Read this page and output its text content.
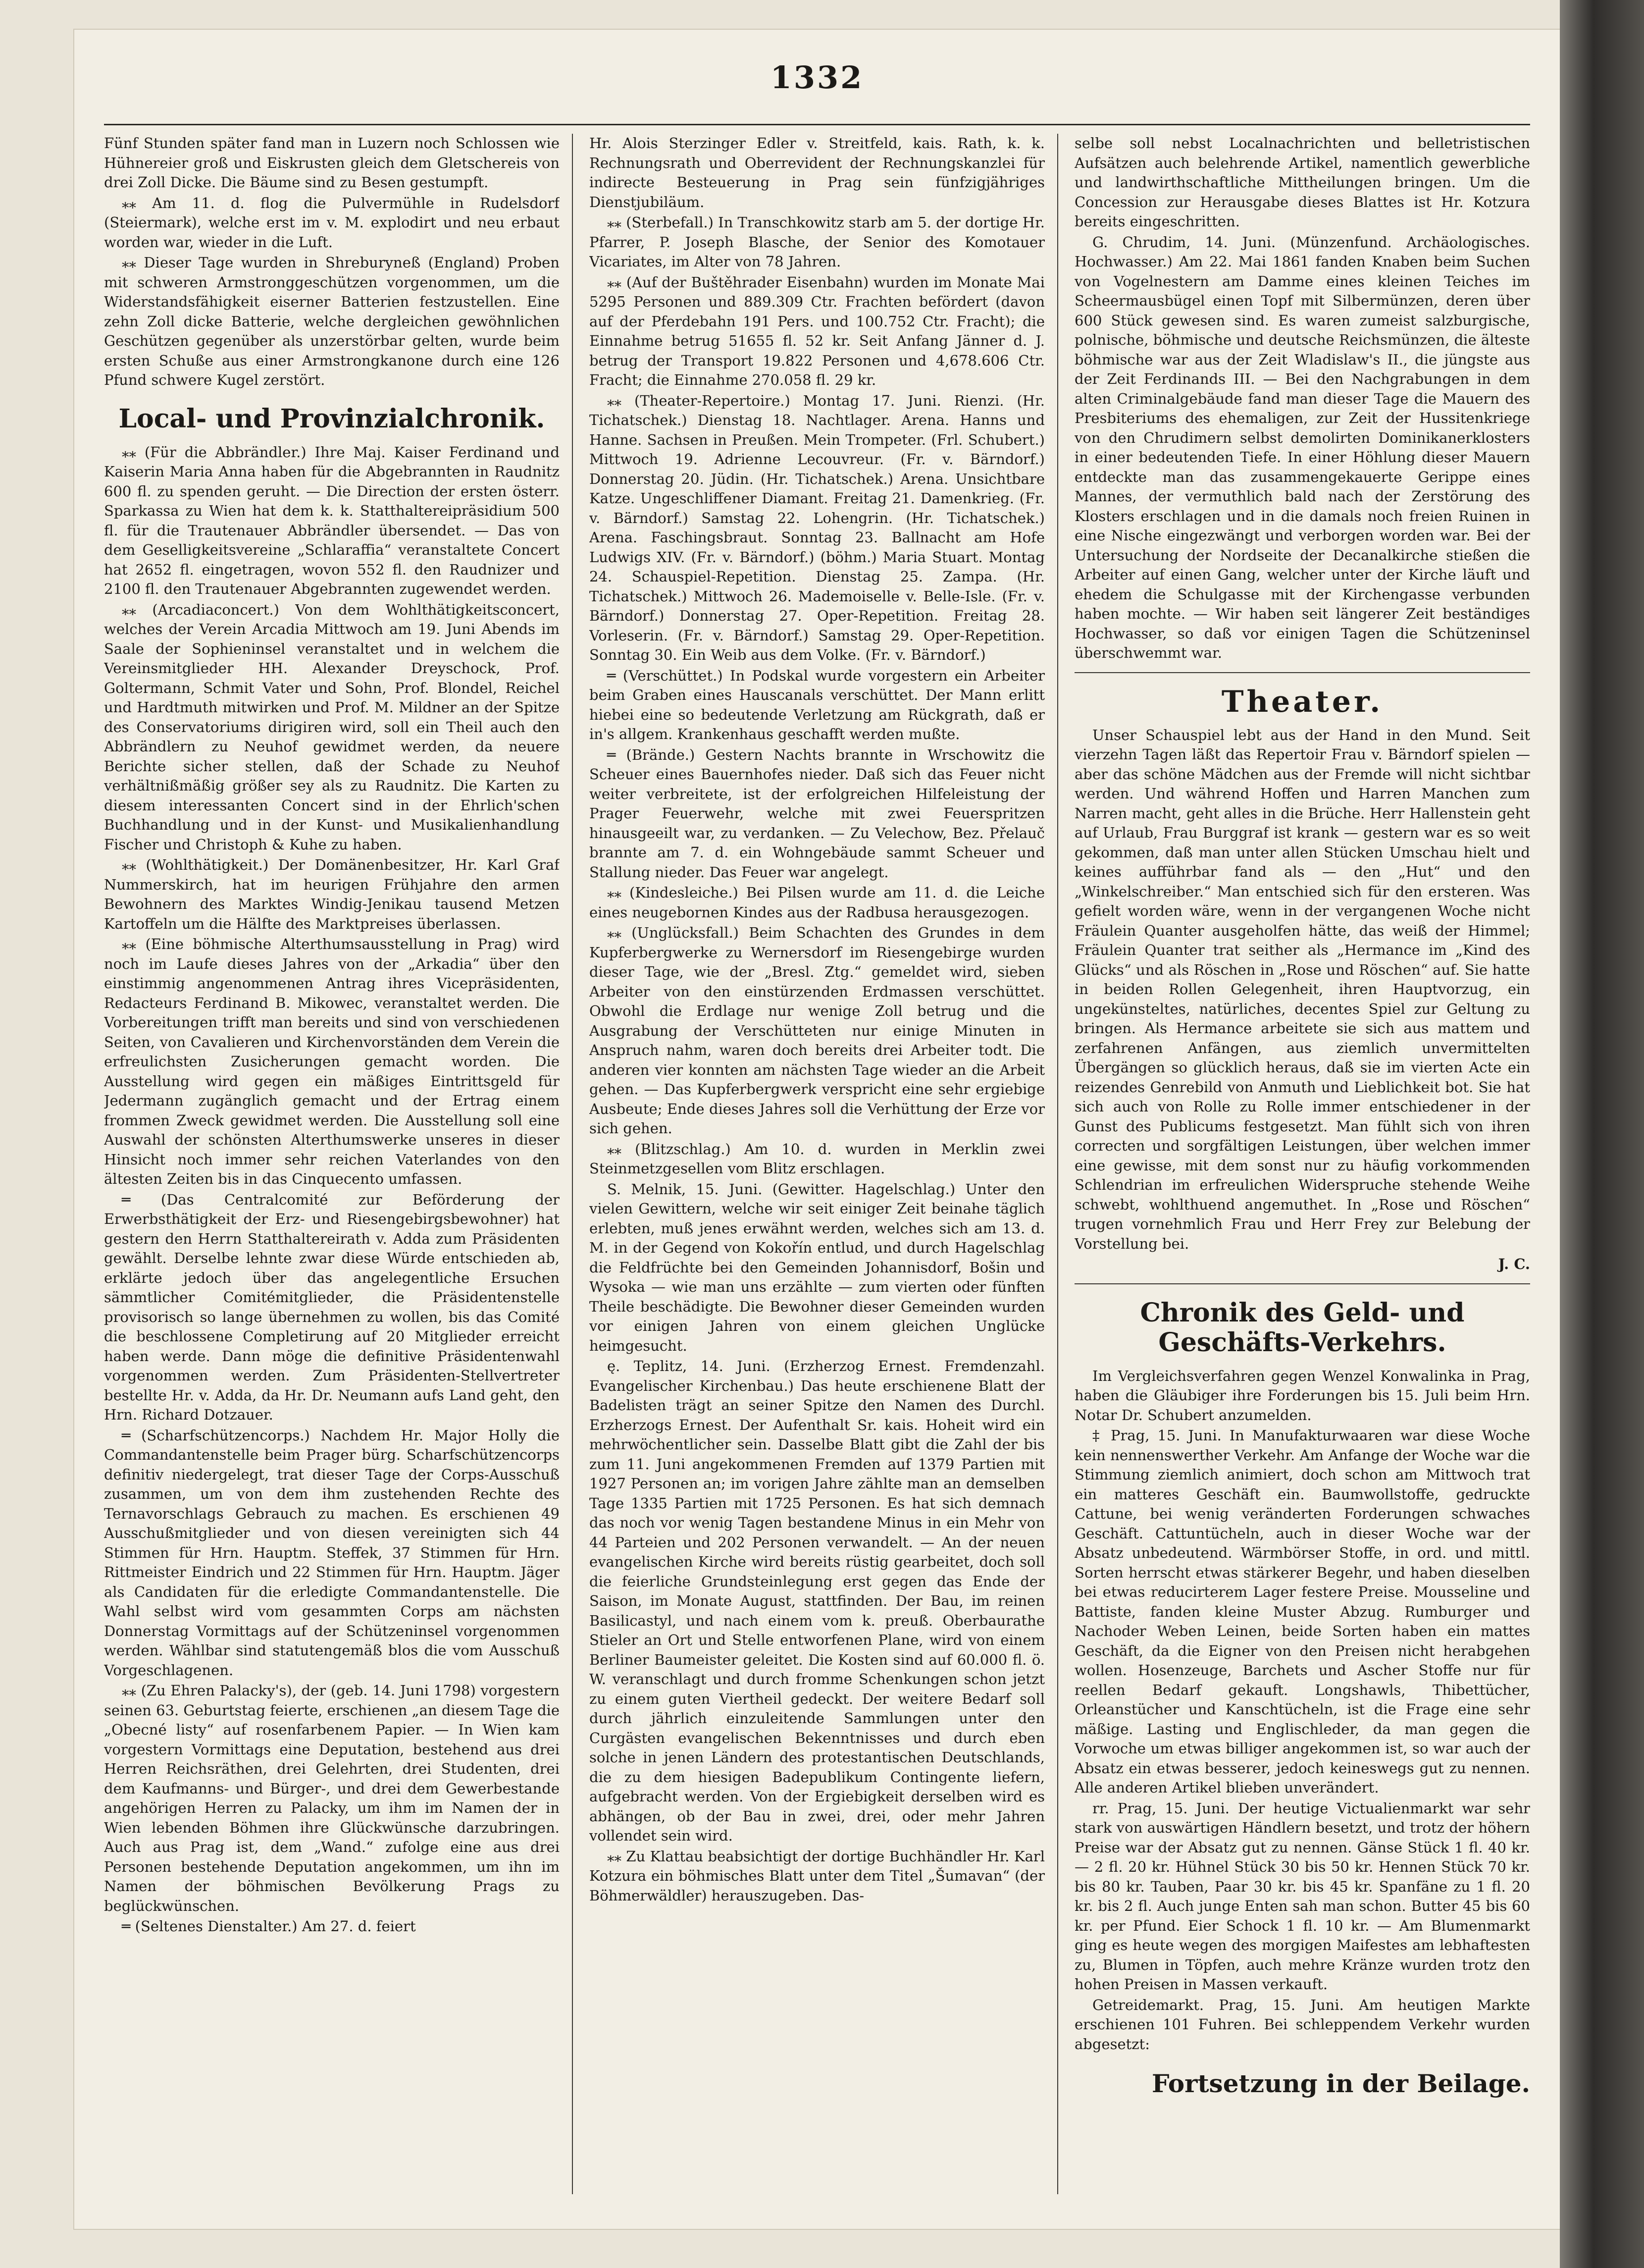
1332

Fünf Stunden später fand man in Luzern noch Schlossen wie Hühnereier groß und Eiskrusten gleich dem Gletschereis von drei Zoll Dicke. Die Bäume sind zu Besen gestumpft.

⁎⁎ Am 11. d. flog die Pulvermühle in Rudelsdorf (Steiermark), welche erst im v. M. explodirt und neu erbaut worden war, wieder in die Luft.

⁎⁎ Dieser Tage wurden in Shreburyneß (England) Proben mit schweren Armstronggeschützen vorgenommen, um die Widerstandsfähigkeit eiserner Batterien festzustellen. Eine zehn Zoll dicke Batterie, welche dergleichen gewöhnlichen Geschützen gegenüber als unzerstörbar gelten, wurde beim ersten Schuße aus einer Armstrongkanone durch eine 126 Pfund schwere Kugel zerstört.

Local- und Provinzialchronik.

⁎⁎ (Für die Abbrändler.) Ihre Maj. Kaiser Ferdinand und Kaiserin Maria Anna haben für die Abgebrannten in Raudnitz 600 fl. zu spenden geruht. — Die Direction der ersten österr. Sparkassa zu Wien hat dem k. k. Statthaltereipräsidium 500 fl. für die Trautenauer Abbrändler übersendet. — Das von dem Geselligkeitsvereine „Schlaraffia“ veranstaltete Concert hat 2652 fl. eingetragen, wovon 552 fl. den Raudnizer und 2100 fl. den Trautenauer Abgebrannten zugewendet werden.

⁎⁎ (Arcadiaconcert.) Von dem Wohlthätigkeitsconcert, welches der Verein Arcadia Mittwoch am 19. Juni Abends im Saale der Sophieninsel veranstaltet und in welchem die Vereinsmitglieder HH. Alexander Dreyschock, Prof. Goltermann, Schmit Vater und Sohn, Prof. Blondel, Reichel und Hardtmuth mitwirken und Prof. M. Mildner an der Spitze des Conservatoriums dirigiren wird, soll ein Theil auch den Abbrändlern zu Neuhof gewidmet werden, da neuere Berichte sicher stellen, daß der Schade zu Neuhof verhältnißmäßig größer sey als zu Raudnitz. Die Karten zu diesem interessanten Concert sind in der Ehrlich'schen Buchhandlung und in der Kunst- und Musikalienhandlung Fischer und Christoph & Kuhe zu haben.

⁎⁎ (Wohlthätigkeit.) Der Domänenbesitzer, Hr. Karl Graf Nummerskirch, hat im heurigen Frühjahre den armen Bewohnern des Marktes Windig-Jenikau tausend Metzen Kartoffeln um die Hälfte des Marktpreises überlassen.

⁎⁎ (Eine böhmische Alterthumsausstellung in Prag) wird noch im Laufe dieses Jahres von der „Arkadia“ über den einstimmig angenommenen Antrag ihres Vicepräsidenten, Redacteurs Ferdinand B. Mikowec, veranstaltet werden. Die Vorbereitungen trifft man bereits und sind von verschiedenen Seiten, von Cavalieren und Kirchenvorständen dem Verein die erfreulichsten Zusicherungen gemacht worden. Die Ausstellung wird gegen ein mäßiges Eintrittsgeld für Jedermann zugänglich gemacht und der Ertrag einem frommen Zweck gewidmet werden. Die Ausstellung soll eine Auswahl der schönsten Alterthumswerke unseres in dieser Hinsicht noch immer sehr reichen Vaterlandes von den ältesten Zeiten bis in das Cinquecento umfassen.

═ (Das Centralcomité zur Beförderung der Erwerbsthätigkeit der Erz- und Riesengebirgsbewohner) hat gestern den Herrn Statthaltereirath v. Adda zum Präsidenten gewählt. Derselbe lehnte zwar diese Würde entschieden ab, erklärte jedoch über das angelegentliche Ersuchen sämmtlicher Comitémitglieder, die Präsidentenstelle provisorisch so lange übernehmen zu wollen, bis das Comité die beschlossene Completirung auf 20 Mitglieder erreicht haben werde. Dann möge die definitive Präsidentenwahl vorgenommen werden. Zum Präsidenten-Stellvertreter bestellte Hr. v. Adda, da Hr. Dr. Neumann aufs Land geht, den Hrn. Richard Dotzauer.

═ (Scharfschützencorps.) Nachdem Hr. Major Holly die Commandantenstelle beim Prager bürg. Scharfschützencorps definitiv niedergelegt, trat dieser Tage der Corps-Ausschuß zusammen, um von dem ihm zustehenden Rechte des Ternavorschlags Gebrauch zu machen. Es erschienen 49 Ausschußmitglieder und von diesen vereinigten sich 44 Stimmen für Hrn. Hauptm. Steffek, 37 Stimmen für Hrn. Rittmeister Eindrich und 22 Stimmen für Hrn. Hauptm. Jäger als Candidaten für die erledigte Commandantenstelle. Die Wahl selbst wird vom gesammten Corps am nächsten Donnerstag Vormittags auf der Schützeninsel vorgenommen werden. Wählbar sind statutengemäß blos die vom Ausschuß Vorgeschlagenen.

⁎⁎ (Zu Ehren Palacky's), der (geb. 14. Juni 1798) vorgestern seinen 63. Geburtstag feierte, erschienen „an diesem Tage die „Obecné listy“ auf rosenfarbenem Papier. — In Wien kam vorgestern Vormittags eine Deputation, bestehend aus drei Herren Reichsräthen, drei Gelehrten, drei Studenten, drei dem Kaufmanns- und Bürger-, und drei dem Gewerbestande angehörigen Herren zu Palacky, um ihm im Namen der in Wien lebenden Böhmen ihre Glückwünsche darzubringen. Auch aus Prag ist, dem „Wand.“ zufolge eine aus drei Personen bestehende Deputation angekommen, um ihn im Namen der böhmischen Bevölkerung Prags zu beglückwünschen.

═ (Seltenes Dienstalter.) Am 27. d. feiert

Hr. Alois Sterzinger Edler v. Streitfeld, kais. Rath, k. k. Rechnungsrath und Oberrevident der Rechnungskanzlei für indirecte Besteuerung in Prag sein fünfzigjähriges Dienstjubiläum.

⁎⁎ (Sterbefall.) In Transchkowitz starb am 5. der dortige Hr. Pfarrer, P. Joseph Blasche, der Senior des Komotauer Vicariates, im Alter von 78 Jahren.

⁎⁎ (Auf der Buštěhrader Eisenbahn) wurden im Monate Mai 5295 Personen und 889.309 Ctr. Frachten befördert (davon auf der Pferdebahn 191 Pers. und 100.752 Ctr. Fracht); die Einnahme betrug 51655 fl. 52 kr. Seit Anfang Jänner d. J. betrug der Transport 19.822 Personen und 4,678.606 Ctr. Fracht; die Einnahme 270.058 fl. 29 kr.

⁎⁎ (Theater-Repertoire.) Montag 17. Juni. Rienzi. (Hr. Tichatschek.) Dienstag 18. Nachtlager. Arena. Hanns und Hanne. Sachsen in Preußen. Mein Trompeter. (Frl. Schubert.) Mittwoch 19. Adrienne Lecouvreur. (Fr. v. Bärndorf.) Donnerstag 20. Jüdin. (Hr. Tichatschek.) Arena. Unsichtbare Katze. Ungeschliffener Diamant. Freitag 21. Damenkrieg. (Fr. v. Bärndorf.) Samstag 22. Lohengrin. (Hr. Tichatschek.) Arena. Faschingsbraut. Sonntag 23. Ballnacht am Hofe Ludwigs XIV. (Fr. v. Bärndorf.) (böhm.) Maria Stuart. Montag 24. Schauspiel-Repetition. Dienstag 25. Zampa. (Hr. Tichatschek.) Mittwoch 26. Mademoiselle v. Belle-Isle. (Fr. v. Bärndorf.) Donnerstag 27. Oper-Repetition. Freitag 28. Vorleserin. (Fr. v. Bärndorf.) Samstag 29. Oper-Repetition. Sonntag 30. Ein Weib aus dem Volke. (Fr. v. Bärndorf.)

═ (Verschüttet.) In Podskal wurde vorgestern ein Arbeiter beim Graben eines Hauscanals verschüttet. Der Mann erlitt hiebei eine so bedeutende Verletzung am Rückgrath, daß er in's allgem. Krankenhaus geschafft werden mußte.

═ (Brände.) Gestern Nachts brannte in Wrschowitz die Scheuer eines Bauernhofes nieder. Daß sich das Feuer nicht weiter verbreitete, ist der erfolgreichen Hilfeleistung der Prager Feuerwehr, welche mit zwei Feuerspritzen hinausgeeilt war, zu verdanken. — Zu Velechow, Bez. Přelauč brannte am 7. d. ein Wohngebäude sammt Scheuer und Stallung nieder. Das Feuer war angelegt.

⁎⁎ (Kindesleiche.) Bei Pilsen wurde am 11. d. die Leiche eines neugebornen Kindes aus der Radbusa herausgezogen.

⁎⁎ (Unglücksfall.) Beim Schachten des Grundes in dem Kupferbergwerke zu Wernersdorf im Riesengebirge wurden dieser Tage, wie der „Bresl. Ztg.“ gemeldet wird, sieben Arbeiter von den einstürzenden Erdmassen verschüttet. Obwohl die Erdlage nur wenige Zoll betrug und die Ausgrabung der Verschütteten nur einige Minuten in Anspruch nahm, waren doch bereits drei Arbeiter todt. Die anderen vier konnten am nächsten Tage wieder an die Arbeit gehen. — Das Kupferbergwerk verspricht eine sehr ergiebige Ausbeute; Ende dieses Jahres soll die Verhüttung der Erze vor sich gehen.

⁎⁎ (Blitzschlag.) Am 10. d. wurden in Merklin zwei Steinmetzgesellen vom Blitz erschlagen.

S. Melnik, 15. Juni. (Gewitter. Hagelschlag.) Unter den vielen Gewittern, welche wir seit einiger Zeit beinahe täglich erlebten, muß jenes erwähnt werden, welches sich am 13. d. M. in der Gegend von Kokořín entlud, und durch Hagelschlag die Feldfrüchte bei den Gemeinden Johannisdorf, Bošin und Wysoka — wie man uns erzählte — zum vierten oder fünften Theile beschädigte. Die Bewohner dieser Gemeinden wurden vor einigen Jahren von einem gleichen Unglücke heimgesucht.

ę. Teplitz, 14. Juni. (Erzherzog Ernest. Fremdenzahl. Evangelischer Kirchenbau.) Das heute erschienene Blatt der Badelisten trägt an seiner Spitze den Namen des Durchl. Erzherzogs Ernest. Der Aufenthalt Sr. kais. Hoheit wird ein mehrwöchentlicher sein. Dasselbe Blatt gibt die Zahl der bis zum 11. Juni angekommenen Fremden auf 1379 Partien mit 1927 Personen an; im vorigen Jahre zählte man an demselben Tage 1335 Partien mit 1725 Personen. Es hat sich demnach das noch vor wenig Tagen bestandene Minus in ein Mehr von 44 Parteien und 202 Personen verwandelt. — An der neuen evangelischen Kirche wird bereits rüstig gearbeitet, doch soll die feierliche Grundsteinlegung erst gegen das Ende der Saison, im Monate August, stattfinden. Der Bau, im reinen Basilicastyl, und nach einem vom k. preuß. Oberbaurathe Stieler an Ort und Stelle entworfenen Plane, wird von einem Berliner Baumeister geleitet. Die Kosten sind auf 60.000 fl. ö. W. veranschlagt und durch fromme Schenkungen schon jetzt zu einem guten Viertheil gedeckt. Der weitere Bedarf soll durch jährlich einzuleitende Sammlungen unter den Curgästen evangelischen Bekenntnisses und durch eben solche in jenen Ländern des protestantischen Deutschlands, die zu dem hiesigen Badepublikum Contingente liefern, aufgebracht werden. Von der Ergiebigkeit derselben wird es abhängen, ob der Bau in zwei, drei, oder mehr Jahren vollendet sein wird.

⁎⁎ Zu Klattau beabsichtigt der dortige Buchhändler Hr. Karl Kotzura ein böhmisches Blatt unter dem Titel „Šumavan“ (der Böhmerwäldler) herauszugeben. Das-

selbe soll nebst Localnachrichten und belletristischen Aufsätzen auch belehrende Artikel, namentlich gewerbliche und landwirthschaftliche Mittheilungen bringen. Um die Concession zur Herausgabe dieses Blattes ist Hr. Kotzura bereits eingeschritten.

G. Chrudim, 14. Juni. (Münzenfund. Archäologisches. Hochwasser.) Am 22. Mai 1861 fanden Knaben beim Suchen von Vogelnestern am Damme eines kleinen Teiches im Scheermausbügel einen Topf mit Silbermünzen, deren über 600 Stück gewesen sind. Es waren zumeist salzburgische, polnische, böhmische und deutsche Reichsmünzen, die älteste böhmische war aus der Zeit Wladislaw's II., die jüngste aus der Zeit Ferdinands III. — Bei den Nachgrabungen in dem alten Criminalgebäude fand man dieser Tage die Mauern des Presbiteriums des ehemaligen, zur Zeit der Hussitenkriege von den Chrudimern selbst demolirten Dominikanerklosters in einer bedeutenden Tiefe. In einer Höhlung dieser Mauern entdeckte man das zusammengekauerte Gerippe eines Mannes, der vermuthlich bald nach der Zerstörung des Klosters erschlagen und in die damals noch freien Ruinen in eine Nische eingezwängt und verborgen worden war. Bei der Untersuchung der Nordseite der Decanalkirche stießen die Arbeiter auf einen Gang, welcher unter der Kirche läuft und ehedem die Schulgasse mit der Kirchengasse verbunden haben mochte. — Wir haben seit längerer Zeit beständiges Hochwasser, so daß vor einigen Tagen die Schützeninsel überschwemmt war.

Theater.

Unser Schauspiel lebt aus der Hand in den Mund. Seit vierzehn Tagen läßt das Repertoir Frau v. Bärndorf spielen — aber das schöne Mädchen aus der Fremde will nicht sichtbar werden. Und während Hoffen und Harren Manchen zum Narren macht, geht alles in die Brüche. Herr Hallenstein geht auf Urlaub, Frau Burggraf ist krank — gestern war es so weit gekommen, daß man unter allen Stücken Umschau hielt und keines aufführbar fand als — den „Hut“ und den „Winkelschreiber.“ Man entschied sich für den ersteren. Was gefielt worden wäre, wenn in der vergangenen Woche nicht Fräulein Quanter ausgeholfen hätte, das weiß der Himmel; Fräulein Quanter trat seither als „Hermance im „Kind des Glücks“ und als Röschen in „Rose und Röschen“ auf. Sie hatte in beiden Rollen Gelegenheit, ihren Hauptvorzug, ein ungekünsteltes, natürliches, decentes Spiel zur Geltung zu bringen. Als Hermance arbeitete sie sich aus mattem und zerfahrenen Anfängen, aus ziemlich unvermittelten Übergängen so glücklich heraus, daß sie im vierten Acte ein reizendes Genrebild von Anmuth und Lieblichkeit bot. Sie hat sich auch von Rolle zu Rolle immer entschiedener in der Gunst des Publicums festgesetzt. Man fühlt sich von ihren correcten und sorgfältigen Leistungen, über welchen immer eine gewisse, mit dem sonst nur zu häufig vorkommenden Schlendrian im erfreulichen Widerspruche stehende Weihe schwebt, wohlthuend angemuthet. In „Rose und Röschen“ trugen vornehmlich Frau und Herr Frey zur Belebung der Vorstellung bei.

J. C.
Chronik des Geld- und Geschäfts-Verkehrs.

Im Vergleichsverfahren gegen Wenzel Konwalinka in Prag, haben die Gläubiger ihre Forderungen bis 15. Juli beim Hrn. Notar Dr. Schubert anzumelden.

‡ Prag, 15. Juni. In Manufakturwaaren war diese Woche kein nennenswerther Verkehr. Am Anfange der Woche war die Stimmung ziemlich animiert, doch schon am Mittwoch trat ein matteres Geschäft ein. Baumwollstoffe, gedruckte Cattune, bei wenig veränderten Forderungen schwaches Geschäft. Cattuntücheln, auch in dieser Woche war der Absatz unbedeutend. Wärmbörser Stoffe, in ord. und mittl. Sorten herrscht etwas stärkerer Begehr, und haben dieselben bei etwas reducirterem Lager festere Preise. Mousseline und Battiste, fanden kleine Muster Abzug. Rumburger und Nachoder Weben Leinen, beide Sorten haben ein mattes Geschäft, da die Eigner von den Preisen nicht herabgehen wollen. Hosenzeuge, Barchets und Ascher Stoffe nur für reellen Bedarf gekauft. Longshawls, Thibettücher, Orleanstücher und Kanschtücheln, ist die Frage eine sehr mäßige. Lasting und Englischleder, da man gegen die Vorwoche um etwas billiger angekommen ist, so war auch der Absatz ein etwas besserer, jedoch keineswegs gut zu nennen. Alle anderen Artikel blieben unverändert.

rr. Prag, 15. Juni. Der heutige Victualienmarkt war sehr stark von auswärtigen Händlern besetzt, und trotz der höhern Preise war der Absatz gut zu nennen. Gänse Stück 1 fl. 40 kr. — 2 fl. 20 kr. Hühnel Stück 30 bis 50 kr. Hennen Stück 70 kr. bis 80 kr. Tauben, Paar 30 kr. bis 45 kr. Spanfäne zu 1 fl. 20 kr. bis 2 fl. Auch junge Enten sah man schon. Butter 45 bis 60 kr. per Pfund. Eier Schock 1 fl. 10 kr. — Am Blumenmarkt ging es heute wegen des morgigen Maifestes am lebhaftesten zu, Blumen in Töpfen, auch mehre Kränze wurden trotz den hohen Preisen in Massen verkauft.

Getreidemarkt. Prag, 15. Juni. Am heutigen Markte erschienen 101 Fuhren. Bei schleppendem Verkehr wurden abgesetzt:

Fortsetzung in der Beilage.
